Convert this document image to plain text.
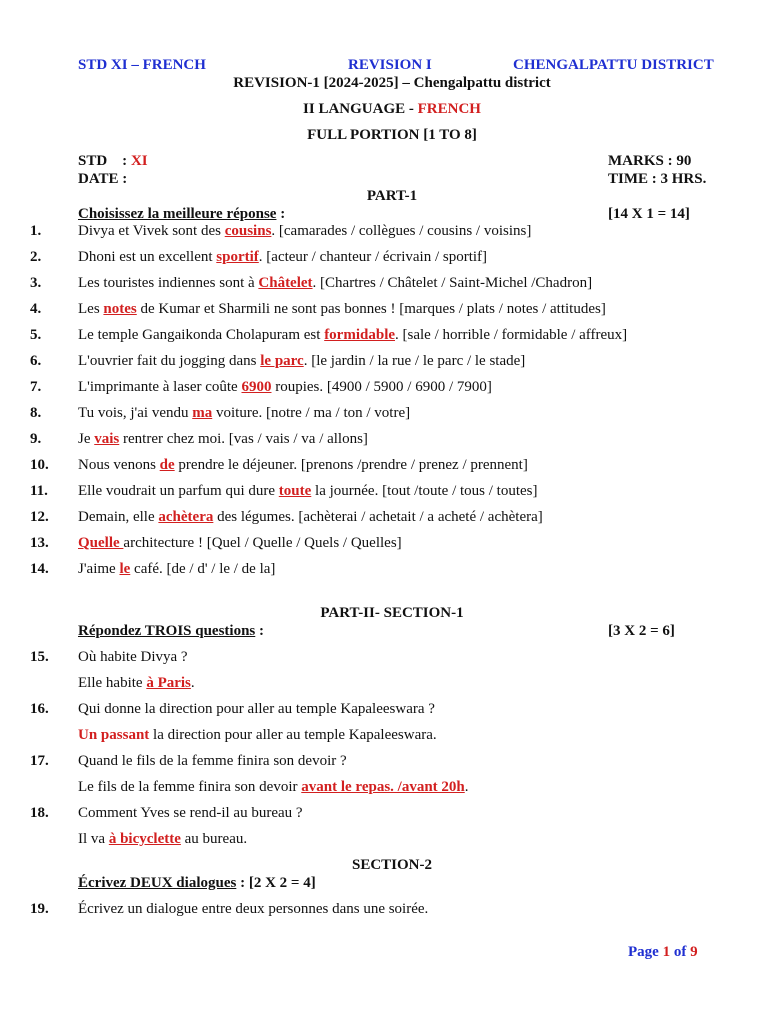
STD XI – FRENCH	REVISION I	CHENGALPATTU DISTRICT
REVISION-1 [2024-2025] – Chengalpattu district
II LANGUAGE - FRENCH
FULL PORTION [1 TO 8]
STD    : XI
DATE :
MARKS : 90
TIME : 3 HRS.
PART-1
Choisissez la meilleure réponse :	[14 X 1 = 14]
1. Divya et Vivek sont des cousins. [camarades / collègues / cousins / voisins]
2. Dhoni est un excellent sportif. [acteur / chanteur / écrivain / sportif]
3. Les touristes indiennes sont à Châtelet. [Chartres / Châtelet / Saint-Michel /Chadron]
4. Les notes de Kumar et Sharmili ne sont pas bonnes ! [marques / plats / notes / attitudes]
5. Le temple Gangaikonda Cholapuram est formidable. [sale / horrible / formidable / affreux]
6. L'ouvrier fait du jogging dans le parc. [le jardin / la rue / le parc / le stade]
7. L'imprimante à laser coûte 6900 roupies. [4900 / 5900 / 6900 / 7900]
8. Tu vois, j'ai vendu ma voiture. [notre / ma / ton / votre]
9. Je vais rentrer chez moi. [vas / vais / va / allons]
10. Nous venons de prendre le déjeuner. [prenons /prendre / prenez / prennent]
11. Elle voudrait un parfum qui dure toute la journée. [tout /toute / tous / toutes]
12. Demain, elle achètera des légumes. [achèterai / achetait / a acheté / achètera]
13. Quelle architecture ! [Quel / Quelle / Quels / Quelles]
14. J'aime le café. [de / d' / le / de la]
PART-II- SECTION-1
Répondez TROIS questions :	[3 X 2 = 6]
15. Où habite Divya ?
Elle habite à Paris.
16. Qui donne la direction pour aller au temple Kapaleeswara ?
Un passant la direction pour aller au temple Kapaleeswara.
17. Quand le fils de la femme finira son devoir ?
Le fils de la femme finira son devoir avant le repas. /avant 20h.
18. Comment Yves se rend-il au bureau ?
Il va à bicyclette au bureau.
SECTION-2
Écrivez DEUX dialogues : [2 X 2 = 4]
19. Écrivez un dialogue entre deux personnes dans une soirée.
Page 1 of 9
